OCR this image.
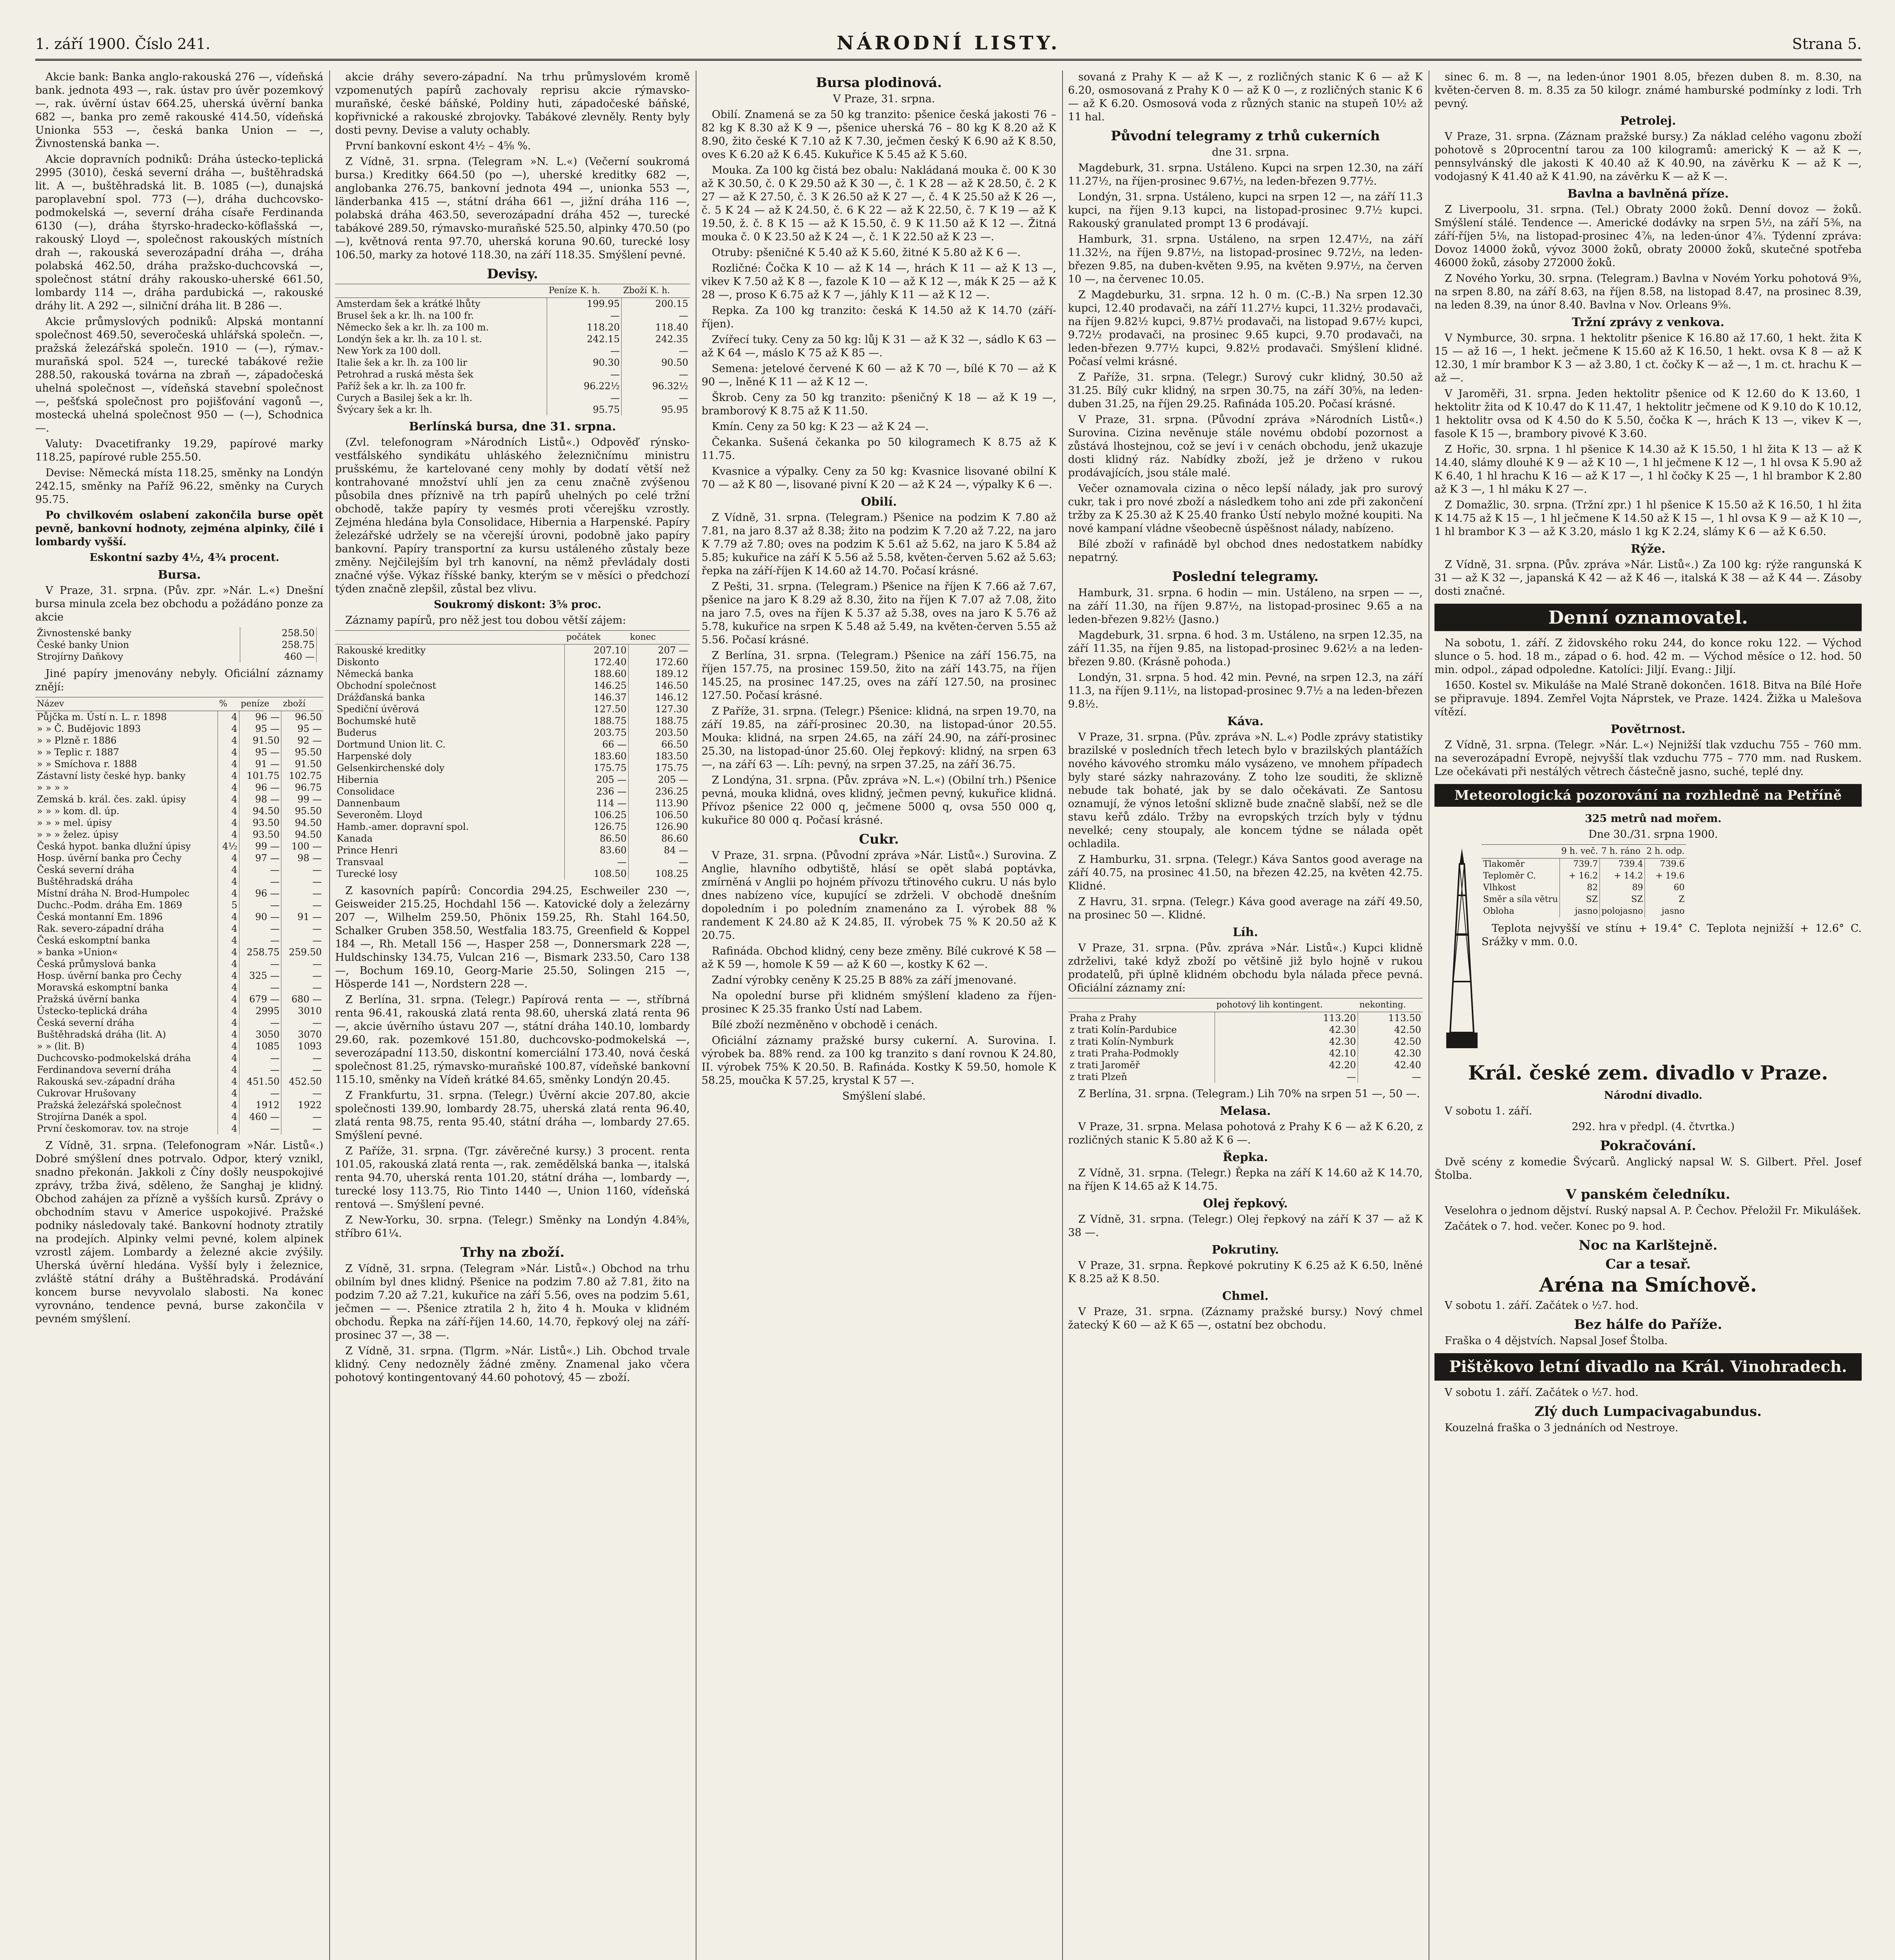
1. září 1900. Číslo 241.	NÁRODNÍ LISTY.	Strana 5.

Akcie bank: Banka anglo-rakouská 276 —, vídeňská bank. jednota 493 —, rak. ústav pro úvěr pozemkový —, rak. úvěrní ústav 664.25, uherská úvěrní banka 682 —, banka pro země rakouské 414.50, vídeňská Unionka 553 —, česká banka Union — —, Živnostenská banka —.

Akcie dopravních podniků: Dráha ústecko-teplická 2995 (3010), česká severní dráha —, buštěhradská lit. A —, buštěhradská lit. B. 1085 (—), dunajská paroplavební spol. 773 (—), dráha duchcovsko-podmokelská —, severní dráha císaře Ferdinanda 6130 (—), dráha štyrsko-hradecko-köflašská —, rakouský Lloyd —, společnost rakouských místních drah —, rakouská severozápadní dráha —, dráha polabská 462.50, dráha pražsko-duchcovská —, společnost státní dráhy rakousko-uherské 661.50, lombardy 114 —, dráha pardubická —, rakouské dráhy lit. A 292 —, silniční dráha lit. B 286 —.

Akcie průmyslových podniků: Alpská montanní společnost 469.50, severočeská uhlářská společn. —, pražská železářská společn. 1910 — (—), rýmav.-murañská spol. 524 —, turecké tabákové režie 288.50, rakouská továrna na zbraň —, západočeská uhelná společnost —, vídeňská stavební společnost —, pešťská společnost pro pojišťování vagonů —, mostecká uhelná společnost 950 — (—), Schodnica —.

Valuty: Dvacetifranky 19.29, papírové marky 118.25, papírové ruble 255.50.

Devise: Německá místa 118.25, směnky na Londýn 242.15, směnky na Paříž 96.22, směnky na Curych 95.75.

Po chvilkovém oslabení zakončila burse opět pevně, bankovní hodnoty, zejména alpinky, čilé i lombardy vyšší.

Eskontní sazby 4½, 4¾ procent.

Bursa.

V Praze, 31. srpna. (Pův. zpr. »Nár. L.«) Dnešní bursa minula zcela bez obchodu a požádáno ponze za akcie

Živnostenské banky	258.50	
České banky Union	258.75	
Strojírny Daňkovy	460 —	

Jiné papíry jmenovány nebyly. Oficiální záznamy znějí:

Název	%	peníze	zboží
Půjčka m. Ústí n. L. r. 1898	4	96 —	96.50
» » Č. Budějovic 1893	4	95 —	95 —
» » Plzně r. 1886	4	91.50	92 —
» » Teplic r. 1887	4	95 —	95.50
» » Smíchova r. 1888	4	91 —	91.50
Zástavní listy české hyp. banky	4	101.75	102.75
» » » »	4	96 —	96.75
Zemská b. král. čes. zakl. úpisy	4	98 —	99 —
» » » kom. dl. úp.	4	94.50	95.50
» » » mel. úpisy	4	93.50	94.50
» » » želez. úpisy	4	93.50	94.50
Česká hypot. banka dlužní úpisy	4½	99 —	100 —
Hosp. úvěrní banka pro Čechy	4	97 —	98 —
Česká severní dráha	4	—	—
Buštěhradská dráha	4	—	—
Místní dráha N. Brod-Humpolec	4	96 —	—
Duchc.-Podm. dráha Em. 1869	5	—	—
Česká montanní Em. 1896	4	90 —	91 —
Rak. severo-západní dráha	4	—	—
Česká eskomptní banka	4	—	—
» banka »Union«	4	258.75	259.50
Česká průmyslová banka	4	—	—
Hosp. úvěrní banka pro Čechy	4	325 —	—
Moravská eskomptní banka	4	—	—
Pražská úvěrní banka	4	679 —	680 —
Ústecko-teplická dráha	4	2995	3010
Česká severní dráha	4	—	—
Buštěhradská dráha (lit. A)	4	3050	3070
» » (lit. B)	4	1085	1093
Duchcovsko-podmokelská dráha	4	—	—
Ferdinandova severní dráha	4	—	—
Rakouská sev.-západní dráha	4	451.50	452.50
Cukrovar Hrušovany	4	—	—
Pražská železářská společnost	4	1912	1922
Strojírna Danék a spol.	4	460 —	—
První českomorav. tov. na stroje	4	—	—

Z Vídně, 31. srpna. (Telefonogram »Nár. Listů«.) Dobré smýšlení dnes potrvalo. Odpor, který vznikl, snadno překonán. Jakkoli z Číny došly neuspokojivé zprávy, tržba živá, sděleno, že Sanghaj je klidný. Obchod zahájen za přízně a vyšších kursů. Zprávy o obchodním stavu v Americe uspokojivé. Pražské podniky následovaly také. Bankovní hodnoty ztratily na prodejích. Alpinky velmi pevné, kolem alpinek vzrostl zájem. Lombardy a železné akcie zvýšily. Uherská úvěrní hledána. Vyšší byly i železnice, zvláště státní dráhy a Buštěhradská. Prodávání koncem burse nevyvolalo slabosti. Na konec vyrovnáno, tendence pevná, burse zakončila v pevném smýšlení.

akcie dráhy severo-západní. Na trhu průmyslovém kromě vzpomenutých papírů zachovaly reprisu akcie rýmavsko-murañské, české báňské, Poldiny huti, západočeské báňské, kopřivnické a rakouské zbrojovky. Tabákové zlevněly. Renty byly dosti pevny. Devise a valuty ochably.

První bankovní eskont 4½ – 4⅝ %.

Z Vídně, 31. srpna. (Telegram »N. L.«) (Večerní soukromá bursa.) Kreditky 664.50 (po —), uherské kreditky 682 —, anglobanka 276.75, bankovní jednota 494 —, unionka 553 —, länderbanka 415 —, státní dráha 661 —, jižní dráha 116 —, polabská dráha 463.50, severozápadní dráha 452 —, turecké tabákové 289.50, rýmavsko-murañské 525.50, alpinky 470.50 (po —), květnová renta 97.70, uherská koruna 90.60, turecké losy 106.50, marky za hotové 118.30, na září 118.35. Smýšlení pevné.

Devisy.
	Peníze K. h.	Zboží K. h.
Amsterdam šek a krátké lhůty	199.95	200.15
Brusel šek a kr. lh. na 100 fr.	—	—
Německo šek a kr. lh. za 100 m.	118.20	118.40
Londýn šek a kr. lh. za 10 l. st.	242.15	242.35
New York za 100 doll.	—	—
Italie šek a kr. lh. za 100 lir	90.30	90.50
Petrohrad a ruská města šek	—	—
Paříž šek a kr. lh. za 100 fr.	96.22½	96.32½
Curych a Basilej šek a kr. lh.	—	—
Švýcary šek a kr. lh.	95.75	95.95
Berlínská bursa, dne 31. srpna.

(Zvl. telefonogram »Národních Listů«.) Odpověď rýnsko-vestfálského syndikátu uhláského železničnímu ministru prušskému, že kartelované ceny mohly by dodatí větší než kontrahované množství uhlí jen za cenu značně zvýšenou působila dnes příznivě na trh papírů uhelných po celé tržní obchodě, takže papíry ty vesmés proti včerejšku vzrostly. Zejména hledána byla Consolidace, Hibernia a Harpenské. Papíry železářské udržely se na včerejší úrovni, podobně jako papíry bankovní. Papíry transportní za kursu ustáleného zůstaly beze změny. Nejčilejším byl trh kanovní, na němž převládaly dosti značné výše. Výkaz říšské banky, kterým se v měsíci o předchozí týden značně zlepšil, zůstal bez vlivu.

Soukromý diskont: 3⅝ proc.

Záznamy papírů, pro něž jest tou dobou větší zájem:

	počátek	konec
Rakouské kreditky	207.10	207 —
Diskonto	172.40	172.60
Německá banka	188.60	189.12
Obchodní společnost	146.25	146.50
Drážďanská banka	146.37	146.12
Spediční úvěrová	127.50	127.30
Bochumské hutě	188.75	188.75
Buderus	203.75	203.50
Dortmund Union lit. C.	66 —	66.50
Harpenské doly	183.60	183.50
Gelsenkirchenské doly	175.75	175.75
Hibernia	205 —	205 —
Consolidace	236 —	236.25
Dannenbaum	114 —	113.90
Severoněm. Lloyd	106.25	106.50
Hamb.-amer. dopravní spol.	126.75	126.90
Kanada	86.50	86.60
Prince Henri	83.60	84 —
Transvaal	—	—
Turecké losy	108.50	108.25

Z kasovních papírů: Concordia 294.25, Eschweiler 230 —, Geisweider 215.25, Hochdahl 156 —. Katovické doly a železárny 207 —, Wilhelm 259.50, Phönix 159.25, Rh. Stahl 164.50, Schalker Gruben 358.50, Westfalia 183.75, Greenfield & Koppel 184 —, Rh. Metall 156 —, Hasper 258 —, Donnersmark 228 —, Huldschinsky 134.75, Vulcan 216 —, Bismark 233.50, Caro 138 —, Bochum 169.10, Georg-Marie 25.50, Solingen 215 —, Hösperde 141 —, Nordstern 228 —.

Z Berlína, 31. srpna. (Telegr.) Papírová renta — —, stříbrná renta 96.41, rakouská zlatá renta 98.60, uherská zlatá renta 96 —, akcie úvěrního ústavu 207 —, státní dráha 140.10, lombardy 29.60, rak. pozemkové 151.80, duchcovsko-podmokelská —, severozápadní 113.50, diskontní komerciální 173.40, nová česká společnost 81.25, rýmavsko-murañské 100.87, vídeňské bankovní 115.10, směnky na Vídeň krátké 84.65, směnky Londýn 20.45.

Z Frankfurtu, 31. srpna. (Telegr.) Úvěrní akcie 207.80, akcie společnosti 139.90, lombardy 28.75, uherská zlatá renta 96.40, zlatá renta 98.75, renta 95.40, státní dráha —, lombardy 27.65. Smýšlení pevné.

Z Paříže, 31. srpna. (Tgr. závěrečné kursy.) 3 procent. renta 101.05, rakouská zlatá renta —, rak. zemědělská banka —, italská renta 94.70, uherská renta 101.20, státní dráha —, lombardy —, turecké losy 113.75, Rio Tinto 1440 —, Union 1160, vídeňská rentová —. Smýšlení pevné.

Z New-Yorku, 30. srpna. (Telegr.) Směnky na Londýn 4.84⅝, stříbro 61¼.

Trhy na zboží.

Z Vídně, 31. srpna. (Telegram »Nár. Listů«.) Obchod na trhu obilním byl dnes klidný. Pšenice na podzim 7.80 až 7.81, žito na podzim 7.20 až 7.21, kukuřice na září 5.56, oves na podzim 5.61, ječmen — —. Pšenice ztratila 2 h, žito 4 h. Mouka v klidném obchodu. Řepka na září-říjen 14.60, 14.70, řepkový olej na září-prosinec 37 —, 38 —.

Z Vídně, 31. srpna. (Tlgrm. »Nár. Listů«.) Lih. Obchod trvale klidný. Ceny nedozněly žádné změny. Znamenal jako včera pohotový kontingentovaný 44.60 pohotový, 45 — zboží.

Bursa plodinová.

V Praze, 31. srpna.

Obilí. Znamená se za 50 kg tranzito: pšenice česká jakosti 76 – 82 kg K 8.30 až K 9 —, pšenice uherská 76 – 80 kg K 8.20 až K 8.90, žito české K 7.10 až K 7.30, ječmen český K 6.90 až K 8.50, oves K 6.20 až K 6.45. Kukuřice K 5.45 až K 5.60.

Mouka. Za 100 kg čistá bez obalu: Nakládaná mouka č. 00 K 30 až K 30.50, č. 0 K 29.50 až K 30 —, č. 1 K 28 — až K 28.50, č. 2 K 27 — až K 27.50, č. 3 K 26.50 až K 27 —, č. 4 K 25.50 až K 26 —, č. 5 K 24 — až K 24.50, č. 6 K 22 — až K 22.50, č. 7 K 19 — až K 19.50, ž. č. 8 K 15 — až K 15.50, č. 9 K 11.50 až K 12 —. Žitná mouka č. 0 K 23.50 až K 24 —, č. 1 K 22.50 až K 23 —.

Otruby: pšeničné K 5.40 až K 5.60, žitné K 5.80 až K 6 —.

Rozličné: Čočka K 10 — až K 14 —, hrách K 11 — až K 13 —, vikev K 7.50 až K 8 —, fazole K 10 — až K 12 —, mák K 25 — až K 28 —, proso K 6.75 až K 7 —, jáhly K 11 — až K 12 —.

Repka. Za 100 kg tranzito: česká K 14.50 až K 14.70 (září-říjen).

Zvířecí tuky. Ceny za 50 kg: lůj K 31 — až K 32 —, sádlo K 63 — až K 64 —, máslo K 75 až K 85 —.

Semena: jetelové červené K 60 — až K 70 —, bílé K 70 — až K 90 —, lněné K 11 — až K 12 —.

Škrob. Ceny za 50 kg tranzito: pšeničný K 18 — až K 19 —, bramborový K 8.75 až K 11.50.

Kmín. Ceny za 50 kg: K 23 — až K 24 —.

Čekanka. Sušená čekanka po 50 kilogramech K 8.75 až K 11.75.

Kvasnice a výpalky. Ceny za 50 kg: Kvasnice lisované obilní K 70 — až K 80 —, lisované pivní K 20 — až K 24 —, výpalky K 6 —.

Obilí.

Z Vídně, 31. srpna. (Telegram.) Pšenice na podzim K 7.80 až 7.81, na jaro 8.37 až 8.38; žito na podzim K 7.20 až 7.22, na jaro K 7.79 až 7.80; oves na podzim K 5.61 až 5.62, na jaro K 5.84 až 5.85; kukuřice na září K 5.56 až 5.58, květen-červen 5.62 až 5.63; řepka na září-říjen K 14.60 až 14.70. Počasí krásné.

Z Pešti, 31. srpna. (Telegram.) Pšenice na říjen K 7.66 až 7.67, pšenice na jaro K 8.29 až 8.30, žito na říjen K 7.07 až 7.08, žito na jaro 7.5, oves na říjen K 5.37 až 5.38, oves na jaro K 5.76 až 5.78, kukuřice na srpen K 5.48 až 5.49, na květen-červen 5.55 až 5.56. Počasí krásné.

Z Berlína, 31. srpna. (Telegram.) Pšenice na září 156.75, na říjen 157.75, na prosinec 159.50, žito na září 143.75, na říjen 145.25, na prosinec 147.25, oves na září 127.50, na prosinec 127.50. Počasí krásné.

Z Paříže, 31. srpna. (Telegr.) Pšenice: klidná, na srpen 19.70, na září 19.85, na září-prosinec 20.30, na listopad-únor 20.55. Mouka: klidná, na srpen 24.65, na září 24.90, na září-prosinec 25.30, na listopad-únor 25.60. Olej řepkový: klidný, na srpen 63 —, na září 63 —. Líh: pevný, na srpen 37.25, na září 36.75.

Z Londýna, 31. srpna. (Pův. zpráva »N. L.«) (Obilní trh.) Pšenice pevná, mouka klidná, oves klidný, ječmen pevný, kukuřice klidná. Přívoz pšenice 22 000 q, ječmene 5000 q, ovsa 550 000 q, kukuřice 80 000 q. Počasí krásné.

Cukr.

V Praze, 31. srpna. (Původní zpráva »Nár. Listů«.) Surovina. Z Anglie, hlavního odbytiště, hlásí se opět slabá poptávka, zmírněná v Anglii po hojném přívozu třtinového cukru. U nás bylo dnes nabízeno více, kupující se zdrželi. V obchodě dnešním dopoledním i po poledním znamenáno za I. výrobek 88 % randement K 24.80 až K 24.85, II. výrobek 75 % K 20.50 až K 20.75.

Rafináda. Obchod klidný, ceny beze změny. Bílé cukrové K 58 — až K 59 —, homole K 59 — až K 60 —, kostky K 62 —.

Zadní výrobky ceněny K 25.25 B 88% za září jmenované.

Na opolední burse při klidném smýšlení kladeno za říjen-prosinec K 25.35 franko Ústí nad Labem.

Bílé zboží nezměněno v obchodě i cenách.

Oficiální záznamy pražské bursy cukerní. A. Surovina. I. výrobek ba. 88% rend. za 100 kg tranzito s daní rovnou K 24.80, II. výrobek 75% K 20.50. B. Rafináda. Kostky K 59.50, homole K 58.25, moučka K 57.25, krystal K 57 —.

Smýšlení slabé.

sovaná z Prahy K — až K —, z rozličných stanic K 6 — až K 6.20, osmosovaná z Prahy K 0 — až K 0 —, z rozličných stanic K 6 — až K 6.20. Osmosová voda z různých stanic na stupeň 10½ až 11 hal.

Původní telegramy z trhů cukerních

dne 31. srpna.

Magdeburk, 31. srpna. Ustáleno. Kupci na srpen 12.30, na září 11.27½, na říjen-prosinec 9.67½, na leden-březen 9.77½.

Londýn, 31. srpna. Ustáleno, kupci na srpen 12 —, na září 11.3 kupci, na říjen 9.13 kupci, na listopad-prosinec 9.7½ kupci. Rakouský granulated prompt 13 6 prodávají.

Hamburk, 31. srpna. Ustáleno, na srpen 12.47½, na září 11.32½, na říjen 9.87½, na listopad-prosinec 9.72½, na leden-březen 9.85, na duben-květen 9.95, na květen 9.97½, na červen 10 —, na červenec 10.05.

Z Magdeburku, 31. srpna. 12 h. 0 m. (C.-B.) Na srpen 12.30 kupci, 12.40 prodavači, na září 11.27½ kupci, 11.32½ prodavači, na říjen 9.82½ kupci, 9.87½ prodavači, na listopad 9.67½ kupci, 9.72½ prodavači, na prosinec 9.65 kupci, 9.70 prodavači, na leden-březen 9.77½ kupci, 9.82½ prodavači. Smýšlení klidné. Počasí velmi krásné.

Z Paříže, 31. srpna. (Telegr.) Surový cukr klidný, 30.50 až 31.25. Bílý cukr klidný, na srpen 30.75, na září 30⅝, na leden-duben 31.25, na říjen 29.25. Rafináda 105.20. Počasí krásné.

V Praze, 31. srpna. (Původní zpráva »Národních Listů«.) Surovina. Cizina nevěnuje stále novému období pozornost a zůstává lhostejnou, což se jeví i v cenách obchodu, jenž ukazuje dosti klidný ráz. Nabídky zboží, jež je drženo v rukou prodávajících, jsou stále malé.

Večer oznamovala cizina o něco lepší nálady, jak pro surový cukr, tak i pro nové zboží a následkem toho ani zde při zakončení tržby za K 25.30 až K 25.40 franko Ústí nebylo možné koupiti. Na nové kampaní vládne všeobecně úspěšnost nálady, nabízeno.

Bílé zboží v rafinádě byl obchod dnes nedostatkem nabídky nepatrný.

Poslední telegramy.

Hamburk, 31. srpna. 6 hodin — min. Ustáleno, na srpen — —, na září 11.30, na říjen 9.87½, na listopad-prosinec 9.65 a na leden-březen 9.82½ (Jasno.)

Magdeburk, 31. srpna. 6 hod. 3 m. Ustáleno, na srpen 12.35, na září 11.35, na říjen 9.85, na listopad-prosinec 9.62½ a na leden-březen 9.80. (Krásně pohoda.)

Londýn, 31. srpna. 5 hod. 42 min. Pevné, na srpen 12.3, na září 11.3, na říjen 9.11½, na listopad-prosinec 9.7½ a na leden-březen 9.8½.

Káva.

V Praze, 31. srpna. (Pův. zpráva »N. L.«) Podle zprávy statistiky brazilské v posledních třech letech bylo v brazilských plantážích nového kávového stromku málo vysázeno, ve mnohem případech byly staré sázky nahrazovány. Z toho lze souditi, že sklizně nebude tak bohaté, jak by se dalo očekávati. Ze Santosu oznamují, že výnos letošní sklizně bude značně slabší, než se dle stavu keřů zdálo. Tržby na evropských trzích byly v týdnu nevelké; ceny stoupaly, ale koncem týdne se nálada opět ochladila.

Z Hamburku, 31. srpna. (Telegr.) Káva Santos good average na září 40.75, na prosinec 41.50, na březen 42.25, na květen 42.75. Klidné.

Z Havru, 31. srpna. (Telegr.) Káva good average na září 49.50, na prosinec 50 —. Klidné.

Líh.

V Praze, 31. srpna. (Pův. zpráva »Nár. Listů«.) Kupci klidně zdrželivi, také když zboží po většině již bylo hojně v rukou prodatelů, při úplně klidném obchodu byla nálada přece pevná. Oficiální záznamy zní:

	pohotový lih kontingent.	nekonting.
Praha z Prahy	113.20	113.50
z trati Kolín-Pardubice	42.30	42.50
z trati Kolín-Nymburk	42.30	42.50
z trati Praha-Podmokly	42.10	42.30
z trati Jaroměř	42.20	42.40
z trati Plzeň	—	—

Z Berlína, 31. srpna. (Telegram.) Lih 70% na srpen 51 —, 50 —.

Melasa.

V Praze, 31. srpna. Melasa pohotová z Prahy K 6 — až K 6.20, z rozličných stanic K 5.80 až K 6 —.

Řepka.

Z Vídně, 31. srpna. (Telegr.) Řepka na září K 14.60 až K 14.70, na říjen K 14.65 až K 14.75.

Olej řepkový.

Z Vídně, 31. srpna. (Telegr.) Olej řepkový na září K 37 — až K 38 —.

Pokrutiny.

V Praze, 31. srpna. Řepkové pokrutiny K 6.25 až K 6.50, lněné K 8.25 až K 8.50.

Chmel.

V Praze, 31. srpna. (Záznamy pražské bursy.) Nový chmel žatecký K 60 — až K 65 —, ostatní bez obchodu.

sinec 6. m. 8 —, na leden-únor 1901 8.05, březen duben 8. m. 8.30, na květen-červen 8. m. 8.35 za 50 kilogr. známé hamburské podmínky z lodi. Trh pevný.

Petrolej.

V Praze, 31. srpna. (Záznam pražské bursy.) Za náklad celého vagonu zboží pohotově s 20procentní tarou za 100 kilogramů: americký K — až K —, pennsylvánský dle jakosti K 40.40 až K 40.90, na závěrku K — až K —, vodojasný K 41.40 až K 41.90, na závěrku K — až K —.

Bavlna a bavlněná příze.

Z Liverpoolu, 31. srpna. (Tel.) Obraty 2000 žoků. Denní dovoz — žoků. Smýšlení stálé. Tendence —. Americké dodávky na srpen 5½, na září 5⅜, na září-říjen 5⅛, na listopad-prosinec 4⅞, na leden-únor 4⅞. Týdenní zpráva: Dovoz 14000 žoků, vývoz 3000 žoků, obraty 20000 žoků, skutečné spotřeba 46000 žoků, zásoby 272000 žoků.

Z Nového Yorku, 30. srpna. (Telegram.) Bavlna v Novém Yorku pohotová 9⅝, na srpen 8.80, na září 8.63, na říjen 8.58, na listopad 8.47, na prosinec 8.39, na leden 8.39, na únor 8.40. Bavlna v Nov. Orleans 9⅝.

Tržní zprávy z venkova.

V Nymburce, 30. srpna. 1 hektolitr pšenice K 16.80 až 17.60, 1 hekt. žita K 15 — až 16 —, 1 hekt. ječmene K 15.60 až K 16.50, 1 hekt. ovsa K 8 — až K 12.30, 1 mír brambor K 3 — až 3.80, 1 ct. čočky K — až —, 1 m. ct. hrachu K — až —.

V Jaroměři, 31. srpna. Jeden hektolitr pšenice od K 12.60 do K 13.60, 1 hektolitr žita od K 10.47 do K 11.47, 1 hektolitr ječmene od K 9.10 do K 10.12, 1 hektolitr ovsa od K 4.50 do K 5.50, čočka K —, hrách K 13 —, vikev K —, fasole K 15 —, brambory pivové K 3.60.

Z Hořic, 30. srpna. 1 hl pšenice K 14.30 až K 15.50, 1 hl žita K 13 — až K 14.40, slámy dlouhé K 9 — až K 10 —, 1 hl ječmene K 12 —, 1 hl ovsa K 5.90 až K 6.40, 1 hl hrachu K 16 — až K 17 —, 1 hl čočky K 25 —, 1 hl brambor K 2.80 až K 3 —, 1 hl máku K 27 —.

Z Domažlic, 30. srpna. (Tržní zpr.) 1 hl pšenice K 15.50 až K 16.50, 1 hl žita K 14.75 až K 15 —, 1 hl ječmene K 14.50 až K 15 —, 1 hl ovsa K 9 — až K 10 —, 1 hl brambor K 3 — až K 3.20, máslo 1 kg K 2.24, slámy K 6 — až K 6.50.

Rýže.

Z Vídně, 31. srpna. (Pův. zpráva »Nár. Listů«.) Za 100 kg: rýže rangunská K 31 — až K 32 —, japanská K 42 — až K 46 —, italská K 38 — až K 44 —. Zásoby dosti značné.

Denní oznamovatel.

Na sobotu, 1. září. Z židovského roku 244, do konce roku 122. — Východ slunce o 5. hod. 18 m., západ o 6. hod. 42 m. — Východ měsíce o 12. hod. 50 min. odpol., západ odpoledne. Katolíci: Jiljí. Evang.: Jiljí.

1650. Kostel sv. Mikuláše na Malé Straně dokončen. 1618. Bitva na Bílé Hoře se připravuje. 1894. Zemřel Vojta Náprstek, ve Praze. 1424. Žižka u Malešova vítězí.

Povětrnost.

Z Vídně, 31. srpna. (Telegr. »Nár. L.«) Nejnižší tlak vzduchu 755 – 760 mm. na severozápadní Evropě, nejvyšší tlak vzduchu 775 – 770 mm. nad Ruskem. Lze očekávati při nestálých větrech částečně jasno, suché, teplé dny.

Meteorologická pozorování na rozhledně na Petříně

325 metrů nad mořem.

Dne 30./31. srpna 1900.

	9 h. več.	7 h. ráno	2 h. odp.
Tlakoměr	739.7	739.4	739.6
Teploměr C.	+ 16.2	+ 14.2	+ 19.6
Vlhkost	82	89	60
Směr a síla větru	SZ	SZ	Z
Obloha	jasno	polojasno	jasno

Teplota nejvyšší ve stínu + 19.4° C. Teplota nejnižší + 12.6° C. Srážky v mm. 0.0.

Král. české zem. divadlo v Praze.

Národní divadlo.

V sobotu 1. září.

292. hra v předpl. (4. čtvrtka.)

Pokračování.

Dvě scény z komedie Švýcarů. Anglický napsal W. S. Gilbert. Přel. Josef Štolba.

V panském čeledníku.

Veselohra o jednom dějství. Ruský napsal A. P. Čechov. Přeložil Fr. Mikulášek.

Začátek o 7. hod. večer. Konec po 9. hod.

Noc na Karlštejně.
Car a tesař.
Aréna na Smíchově.

V sobotu 1. září. Začátek o ½7. hod.

Bez hálfe do Paříže.

Fraška o 4 dějstvích. Napsal Josef Štolba.

Pištěkovo letní divadlo na Král. Vinohradech.

V sobotu 1. září. Začátek o ½7. hod.

Zlý duch Lumpacivagabundus.

Kouzelná fraška o 3 jednáních od Nestroye.
